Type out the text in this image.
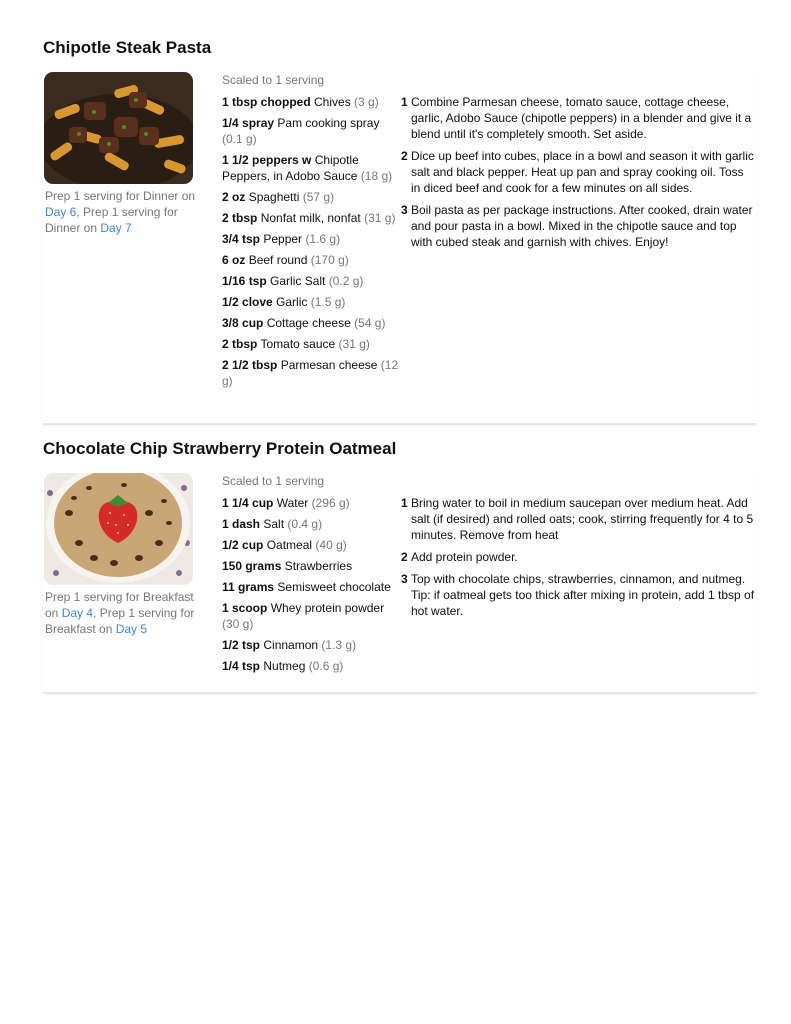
Chipotle Steak Pasta
Prep 1 serving for Dinner on Day 6, Prep 1 serving for Dinner on Day 7
Scaled to 1 serving
1 tbsp chopped Chives (3 g)
1/4 spray Pam cooking spray (0.1 g)
1 1/2 peppers w Chipotle Peppers, in Adobo Sauce (18 g)
2 oz Spaghetti (57 g)
2 tbsp Nonfat milk, nonfat (31 g)
3/4 tsp Pepper (1.6 g)
6 oz Beef round (170 g)
1/16 tsp Garlic Salt (0.2 g)
1/2 clove Garlic (1.5 g)
3/8 cup Cottage cheese (54 g)
2 tbsp Tomato sauce (31 g)
2 1/2 tbsp Parmesan cheese (12 g)
1 Combine Parmesan cheese, tomato sauce, cottage cheese, garlic, Adobo Sauce (chipotle peppers) in a blender and give it a blend until it's completely smooth. Set aside.
2 Dice up beef into cubes, place in a bowl and season it with garlic salt and black pepper. Heat up pan and spray cooking oil. Toss in diced beef and cook for a few minutes on all sides.
3 Boil pasta as per package instructions. After cooked, drain water and pour pasta in a bowl. Mixed in the chipotle sauce and top with cubed steak and garnish with chives. Enjoy!
Chocolate Chip Strawberry Protein Oatmeal
Prep 1 serving for Breakfast on Day 4, Prep 1 serving for Breakfast on Day 5
Scaled to 1 serving
1 1/4 cup Water (296 g)
1 dash Salt (0.4 g)
1/2 cup Oatmeal (40 g)
150 grams Strawberries
11 grams Semisweet chocolate
1 scoop Whey protein powder (30 g)
1/2 tsp Cinnamon (1.3 g)
1/4 tsp Nutmeg (0.6 g)
1 Bring water to boil in medium saucepan over medium heat. Add salt (if desired) and rolled oats; cook, stirring frequently for 4 to 5 minutes. Remove from heat
2 Add protein powder.
3 Top with chocolate chips, strawberries, cinnamon, and nutmeg. Tip: if oatmeal gets too thick after mixing in protein, add 1 tbsp of hot water.
